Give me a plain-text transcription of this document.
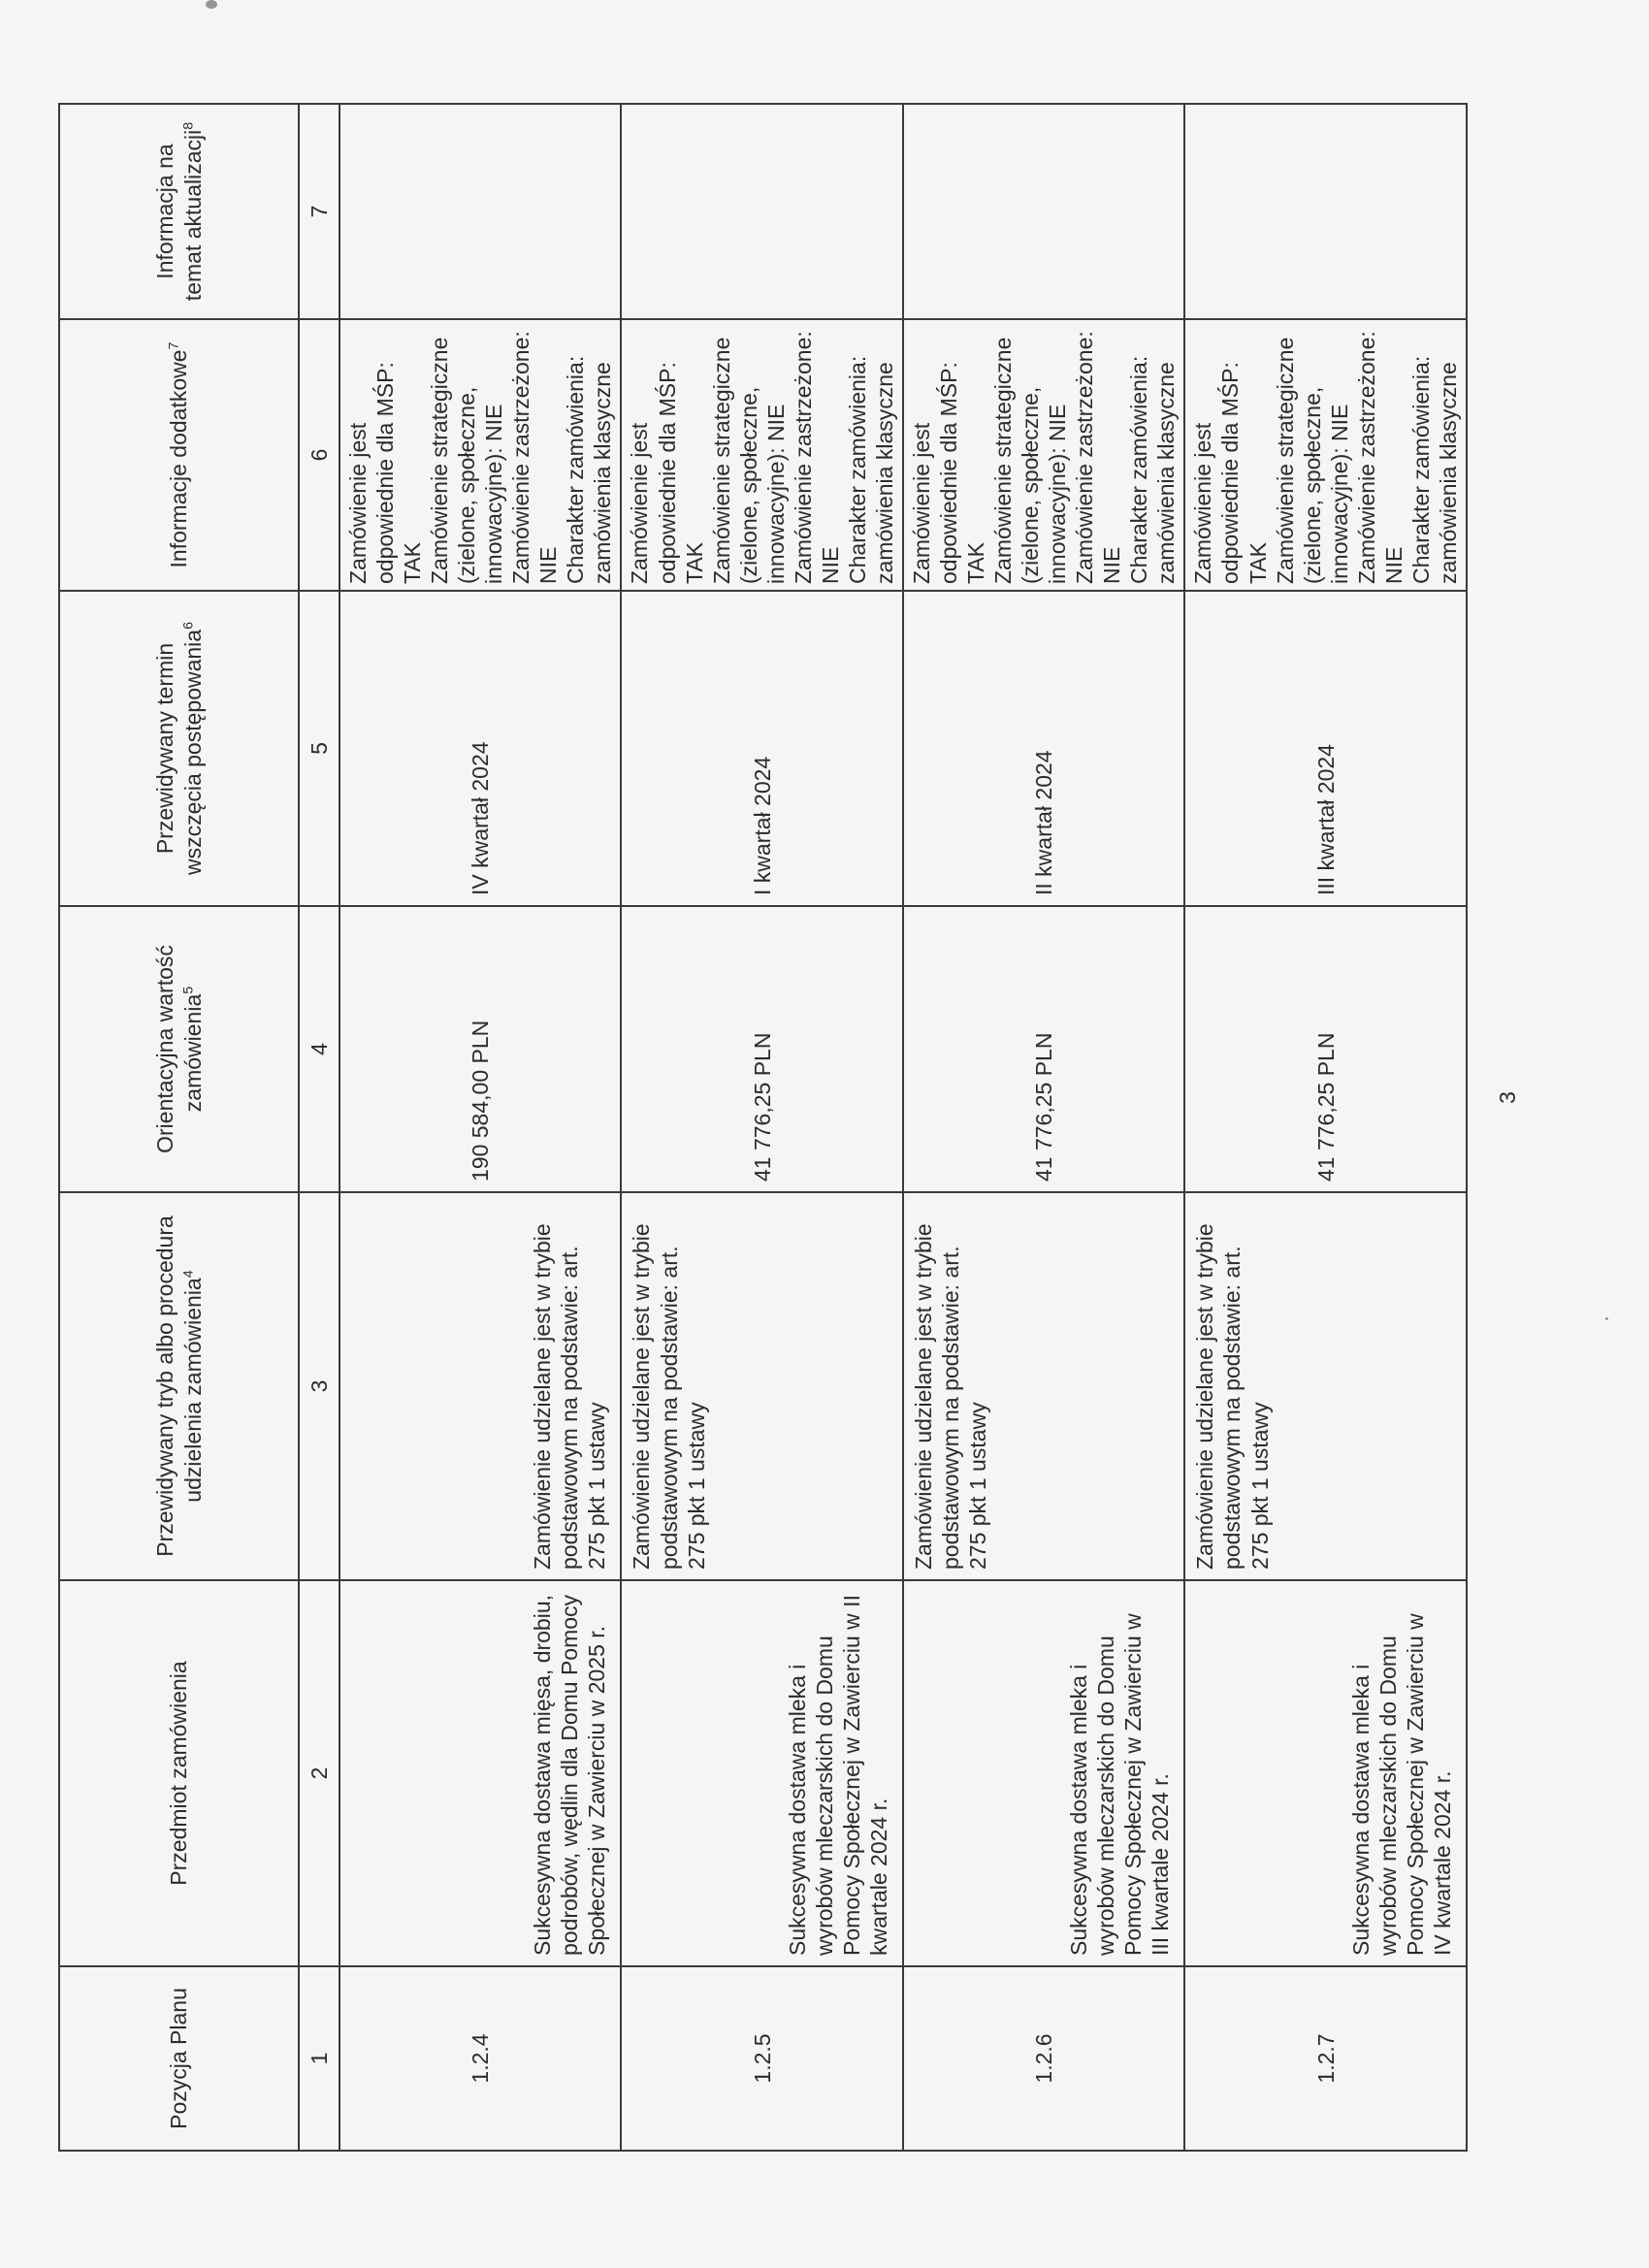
Pozycja Planu	Przedmiot zamówienia	Przewidywany tryb albo procedura udzielenia zamówienia$^4$	Orientacyjna wartość zamówienia$^5$	Przewidywany termin wszczęcia postępowania$^6$	Informacje dodatkowe$^7$	Informacja na temat aktualizacji$^8$
1	2	3	4	5	6	7
1.2.4	Sukcesywna dostawa mięsa, drobiu, podrobów, wędlin dla Domu Pomocy Społecznej w Zawierciu w 2025 r.	Zamówienie udzielane jest w trybie podstawowym na podstawie: art. 275 pkt 1 ustawy	190 584,00 PLN	IV kwartał 2024	Zamówienie jest odpowiednie dla MŚP: TAK Zamówienie strategiczne (zielone, społeczne, innowacyjne): NIE Zamówienie zastrzeżone: NIE Charakter zamówienia: zamówienia klasyczne	

1.2.5	Sukcesywna dostawa mleka i wyrobów mleczarskich do Domu Pomocy Społecznej w Zawierciu w II kwartale 2024 r.	Zamówienie udzielane jest w trybie podstawowym na podstawie: art. 275 pkt 1 ustawy	41 776,25 PLN	I kwartał 2024	Zamówienie jest odpowiednie dla MŚP: TAK Zamówienie strategiczne (zielone, społeczne, innowacyjne): NIE Zamówienie zastrzeżone: NIE Charakter zamówienia: zamówienia klasyczne	

1.2.6	Sukcesywna dostawa mleka i wyrobów mleczarskich do Domu Pomocy Społecznej w Zawierciu w III kwartale 2024 r.	Zamówienie udzielane jest w trybie podstawowym na podstawie: art. 275 pkt 1 ustawy	41 776,25 PLN	II kwartał 2024	Zamówienie jest odpowiednie dla MŚP: TAK Zamówienie strategiczne (zielone, społeczne, innowacyjne): NIE Zamówienie zastrzeżone: NIE Charakter zamówienia: zamówienia klasyczne	

1.2.7	Sukcesywna dostawa mleka i wyrobów mleczarskich do Domu Pomocy Społecznej w Zawierciu w IV kwartale 2024 r.	Zamówienie udzielane jest w trybie podstawowym na podstawie: art. 275 pkt 1 ustawy	41 776,25 PLN	III kwartał 2024	Zamówienie jest odpowiednie dla MŚP: TAK Zamówienie strategiczne (zielone, społeczne, innowacyjne): NIE Zamówienie zastrzeżone: NIE Charakter zamówienia: zamówienia klasyczne	

3
